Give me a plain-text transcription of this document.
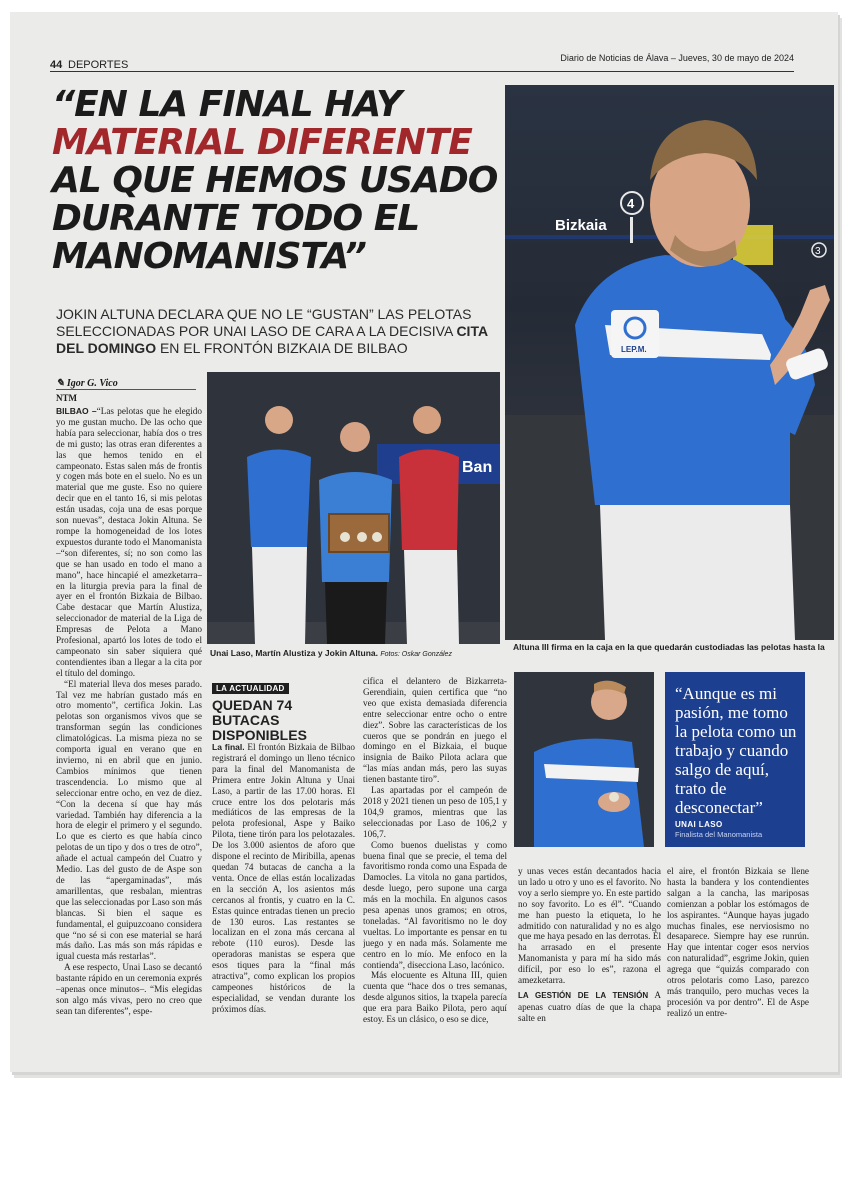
44 DEPORTES
Diario de Noticias de Álava – Jueves, 30 de mayo de 2024
“EN LA FINAL HAY
MATERIAL DIFERENTE
AL QUE HEMOS USADO
DURANTE TODO EL
MANOMANISTA”
JOKIN ALTUNA DECLARA QUE NO LE “GUSTAN” LAS PELOTAS SELECCIONADAS POR UNAI LASO DE CARA A LA DECISIVA CITA DEL DOMINGO EN EL FRONTÓN BIZKAIA DE BILBAO
✎ Igor G. Vico
NTM
4
Bizkaia
3
LEP.M.
Altuna III firma en la caja en la que quedarán custodiadas las pelotas hasta la
Ban
Unai Laso, Martín Alustiza y Jokin Altuna. Fotos: Oskar González

BILBAO –“Las pelotas que he elegido yo me gustan mucho. De las ocho que había para seleccionar, había dos o tres de mi gusto; las otras eran diferentes a las que hemos tenido en el campeonato. Estas salen más de frontis y cogen más bote en el suelo. No es un material que me guste. Eso no quiere decir que en el tanto 16, si mis pelotas están usadas, coja una de esas porque son nuevas”, destaca Jokin Altuna. Se rompe la homogeneidad de los lotes expuestos durante todo el Manomanista –“son diferentes, sí; no son como las que se han usado en todo el mano a mano”, hace hincapié el amezketarra– en la liturgia previa para la final de ayer en el frontón Bizkaia de Bilbao. Cabe destacar que Martín Alustiza, seleccionador de material de la Liga de Empresas de Pelota a Mano Profesional, apartó los lotes de todo el campeonato sin saber siquiera qué contendientes iban a llegar a la cita por el título del domingo.

“El material lleva dos meses parado. Tal vez me habrían gustado más en otro momento”, certifica Jokin. Las pelotas son organismos vivos que se transforman según las condiciones climatológicas. La misma pieza no se comporta igual en verano que en invierno, ni en abril que en junio. Cambios mínimos que tienen trascendencia. Lo mismo que al seleccionar entre ocho, en vez de diez. “Con la decena sí que hay más variedad. También hay diferencia a la hora de elegir el primero y el segundo. Lo que es cierto es que había cinco pelotas de un tipo y dos o tres de otro”, añade el actual campeón del Cuatro y Medio. Las del gusto de de Aspe son de las “apergaminadas”, más amarillentas, que resbalan, mientras que las seleccionadas por Laso son más blancas. Si bien el saque es fundamental, el guipuzcoano considera que “no sé si con ese material se hará más daño. Las más son más rápidas e igual cuesta más restarlas”.

A ese respecto, Unai Laso se decantó bastante rápido en un ceremonia exprés –apenas once minutos–. “Mis elegidas son algo más vivas, pero no creo que sean tan diferentes”, espe-

LA ACTUALIDAD
QUEDAN 74 BUTACAS DISPONIBLES

La final. El frontón Bizkaia de Bilbao registrará el domingo un lleno técnico para la final del Manomanista de Primera entre Jokin Altuna y Unai Laso, a partir de las 17.00 horas. El cruce entre los dos pelotaris más mediáticos de las empresas de la pelota profesional, Aspe y Baiko Pilota, tiene tirón para los pelotazales. De los 3.000 asientos de aforo que dispone el recinto de Miribilla, apenas quedan 74 butacas de cancha a la venta. Once de ellas están localizadas en la sección A, los asientos más cercanos al frontis, y cuatro en la C. Estas quince entradas tienen un precio de 130 euros. Las restantes se localizan en el zona más cercana al rebote (110 euros). Desde las operadoras manistas se espera que esos tiques para la “final más atractiva”, como explican los propios campeones históricos de la especialidad, se vendan durante los próximos días.

cifica el delantero de Bizkarreta-Gerendiain, quien certifica que “no veo que exista demasiada diferencia entre seleccionar entre ocho o entre diez”. Sobre las características de los cueros que se pondrán en juego el domingo en el Bizkaia, el buque insignia de Baiko Pilota aclara que “las mías andan más, pero las suyas tienen bastante tiro”.

Las apartadas por el campeón de 2018 y 2021 tienen un peso de 105,1 y 104,9 gramos, mientras que las seleccionadas por Laso de 106,2 y 106,7.

Como buenos duelistas y como buena final que se precie, el tema del favoritismo ronda como una Espada de Damocles. La vitola no gana partidos, desde luego, pero supone una carga más en la mochila. En algunos casos pesa apenas unos gramos; en otros, toneladas. “Al favoritismo no le doy vueltas. Lo importante es pensar en tu juego y en nada más. Solamente me centro en lo mío. Me enfoco en la contienda”, disecciona Laso, lacónico.

Más elocuente es Altuna III, quien cuenta que “hace dos o tres semanas, desde algunos sitios, la txapela parecía que era para Baiko Pilota, pero aquí estoy. Es un clásico, o eso se dice,

“Aunque es mi pasión, me tomo la pelota como un trabajo y cuando salgo de aquí, trato de desconectar”
UNAI LASO
Finalista del Manomanista

y unas veces están decantados hacia un lado u otro y uno es el favorito. No voy a serlo siempre yo. En este partido no soy favorito. Lo es él”. “Cuando me han puesto la etiqueta, lo he admitido con naturalidad y no es algo que me haya pesado en las derrotas. Él ha arrasado en el presente Manomanista y para mí ha sido más difícil, por eso lo es”, razona el amezketarra.

LA GESTIÓN DE LA TENSIÓN A apenas cuatro días de que la chapa salte en

el aire, el frontón Bizkaia se llene hasta la bandera y los contendientes salgan a la cancha, las mariposas comienzan a poblar los estómagos de los aspirantes. “Aunque hayas jugado muchas finales, ese nerviosismo no desaparece. Siempre hay ese runrún. Hay que intentar coger esos nervios con naturalidad”, esgrime Jokin, quien agrega que “quizás comparado con otros pelotaris como Laso, parezco más tranquilo, pero muchas veces la procesión va por dentro”. El de Aspe realizó un entre-
